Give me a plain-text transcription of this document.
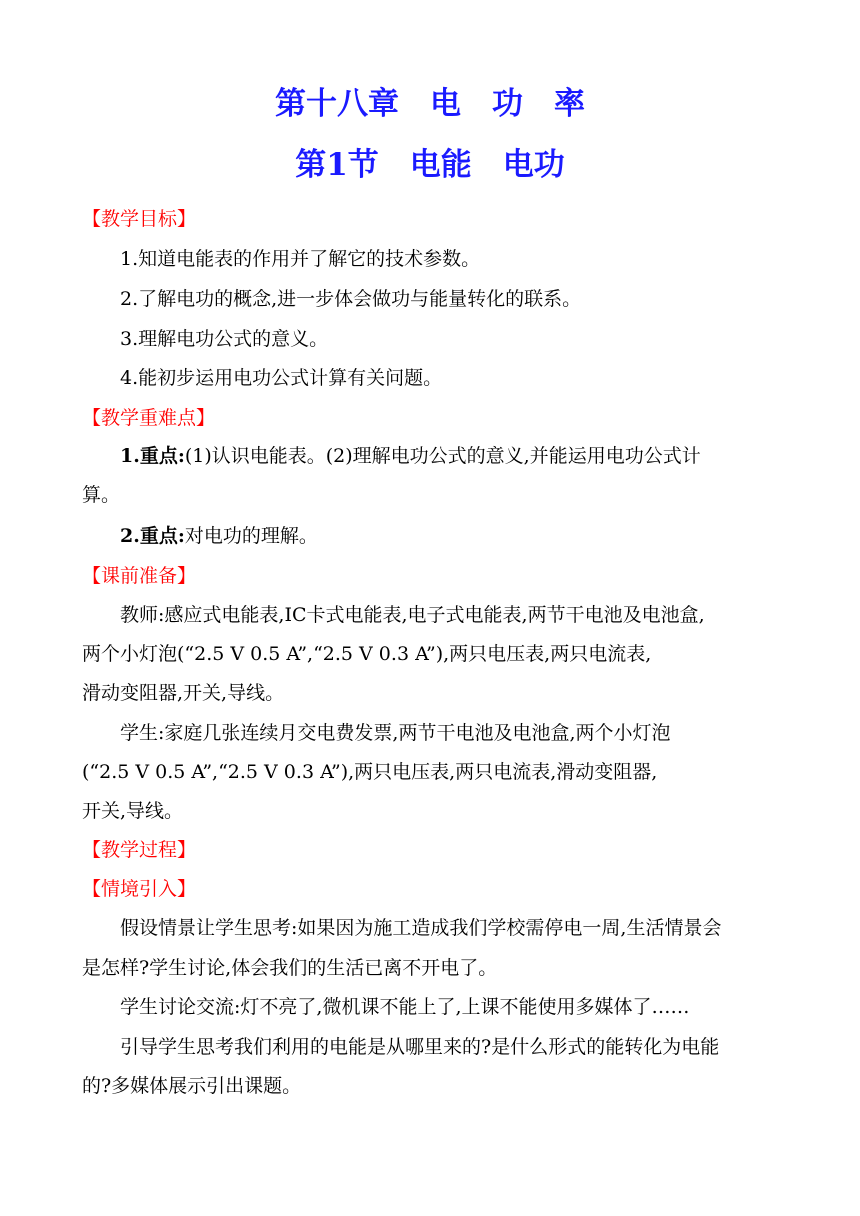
第十八章　电　功　率
第1节　电能　电功
【教学目标】
1.知道电能表的作用并了解它的技术参数。
2.了解电功的概念,进一步体会做功与能量转化的联系。
3.理解电功公式的意义。
4.能初步运用电功公式计算有关问题。
【教学重难点】
1.重点:(1)认识电能表。(2)理解电功公式的意义,并能运用电功公式计
算。
2.重点:对电功的理解。
【课前准备】
教师:感应式电能表,IC卡式电能表,电子式电能表,两节干电池及电池盒,
两个小灯泡(“2.5 V 0.5 A”,“2.5 V 0.3 A”),两只电压表,两只电流表,
滑动变阻器,开关,导线。
学生:家庭几张连续月交电费发票,两节干电池及电池盒,两个小灯泡
(“2.5 V 0.5 A”,“2.5 V 0.3 A”),两只电压表,两只电流表,滑动变阻器,
开关,导线。
【教学过程】
【情境引入】
假设情景让学生思考:如果因为施工造成我们学校需停电一周,生活情景会
是怎样?学生讨论,体会我们的生活已离不开电了。
学生讨论交流:灯不亮了,微机课不能上了,上课不能使用多媒体了……
引导学生思考我们利用的电能是从哪里来的?是什么形式的能转化为电能
的?多媒体展示引出课题。
